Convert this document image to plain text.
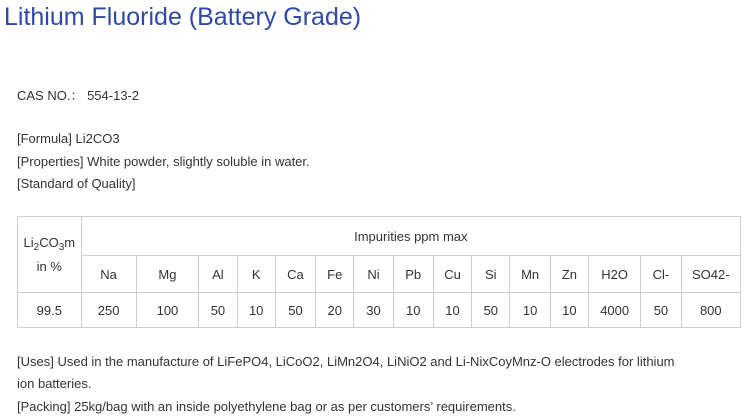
Lithium Fluoride (Battery Grade)
CAS NO.： 554-13-2
[Formula] Li2CO3
[Properties] White powder, slightly soluble in water.
[Standard of Quality]
$Li_2CO_3m$
in %	Impurities ppm max														
	Na	Mg	Al	K	Ca	Fe	Ni	Pb	Cu	Si	Mn	Zn	H2O	Cl-	SO42-
99.5	250	100	50	10	50	20	30	10	10	50	10	10	4000	50	800
[Uses] Used in the manufacture of LiFePO4, LiCoO2, LiMn2O4, LiNiO2 and Li-NixCoyMnz-O electrodes for lithium
ion batteries.
[Packing] 25kg/bag with an inside polyethylene bag or as per customers’ requirements.
